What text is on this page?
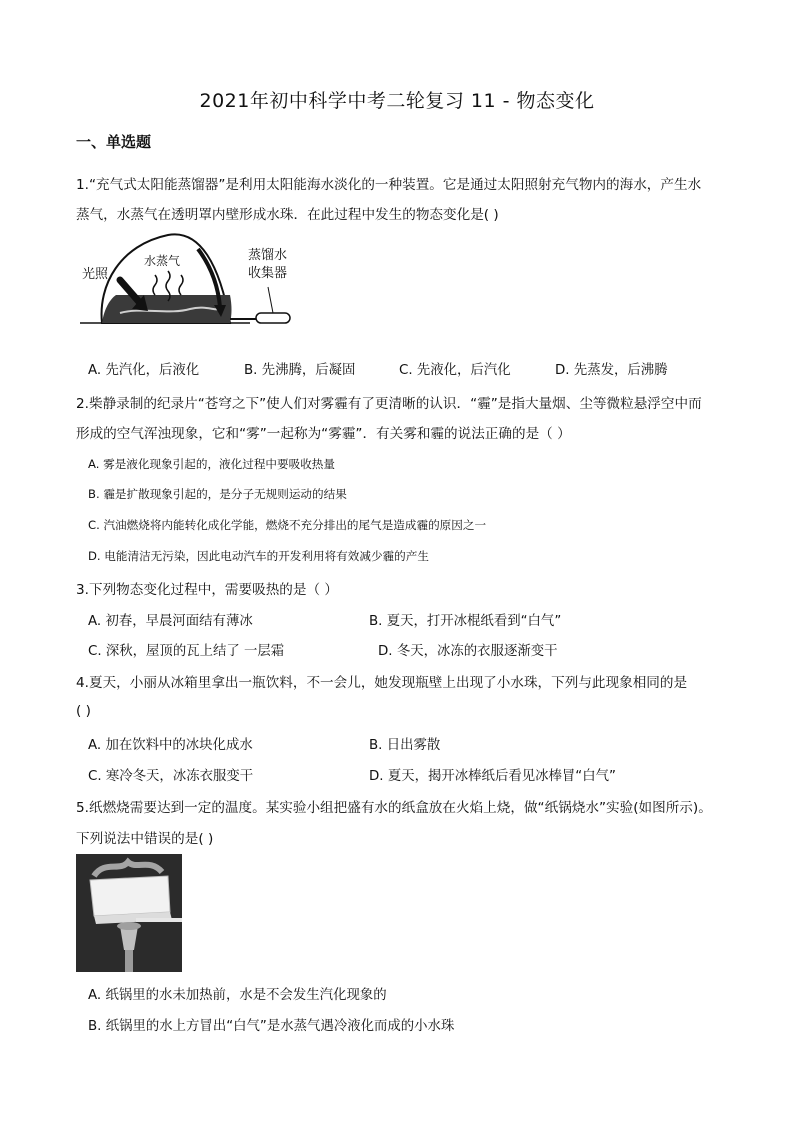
2021年初中科学中考二轮复习 11 - 物态变化
一、单选题
1.“充气式太阳能蒸馏器”是利用太阳能海水淡化的一种装置。它是通过太阳照射充气物内的海水，产生水
蒸气，水蒸气在透明罩内壁形成水珠．在此过程中发生的物态变化是( )
光照
水蒸气	蒸馏水
收集器
A. 先汽化，后液化	B. 先沸腾，后凝固	C. 先液化，后汽化	D. 先蒸发，后沸腾
2.柴静录制的纪录片“苍穹之下”使人们对雾霾有了更清晰的认识．“霾”是指大量烟、尘等微粒悬浮空中而
形成的空气浑浊现象，它和“雾”一起称为“雾霾”．有关雾和霾的说法正确的是（ ）
A. 雾是液化现象引起的，液化过程中要吸收热量
B. 霾是扩散现象引起的，是分子无规则运动的结果
C. 汽油燃烧将内能转化成化学能，燃烧不充分排出的尾气是造成霾的原因之一
D. 电能清洁无污染，因此电动汽车的开发利用将有效减少霾的产生
3.下列物态变化过程中，需要吸热的是（ ）
A. 初春，早晨河面结有薄冰	B. 夏天，打开冰棍纸看到“白气”
C. 深秋，屋顶的瓦上结了 一层霜	D. 冬天，冰冻的衣服逐渐变干
4.夏天，小丽从冰箱里拿出一瓶饮料，不一会儿，她发现瓶壁上出现了小水珠，下列与此现象相同的是
( )
A. 加在饮料中的冰块化成水	B. 日出雾散
C. 寒冷冬天，冰冻衣服变干	D. 夏天，揭开冰棒纸后看见冰棒冒“白气”
5.纸燃烧需要达到一定的温度。某实验小组把盛有水的纸盒放在火焰上烧，做“纸锅烧水”实验(如图所示)。
下列说法中错误的是( )
A. 纸锅里的水未加热前，水是不会发生汽化现象的
B. 纸锅里的水上方冒出“白气”是水蒸气遇冷液化而成的小水珠
